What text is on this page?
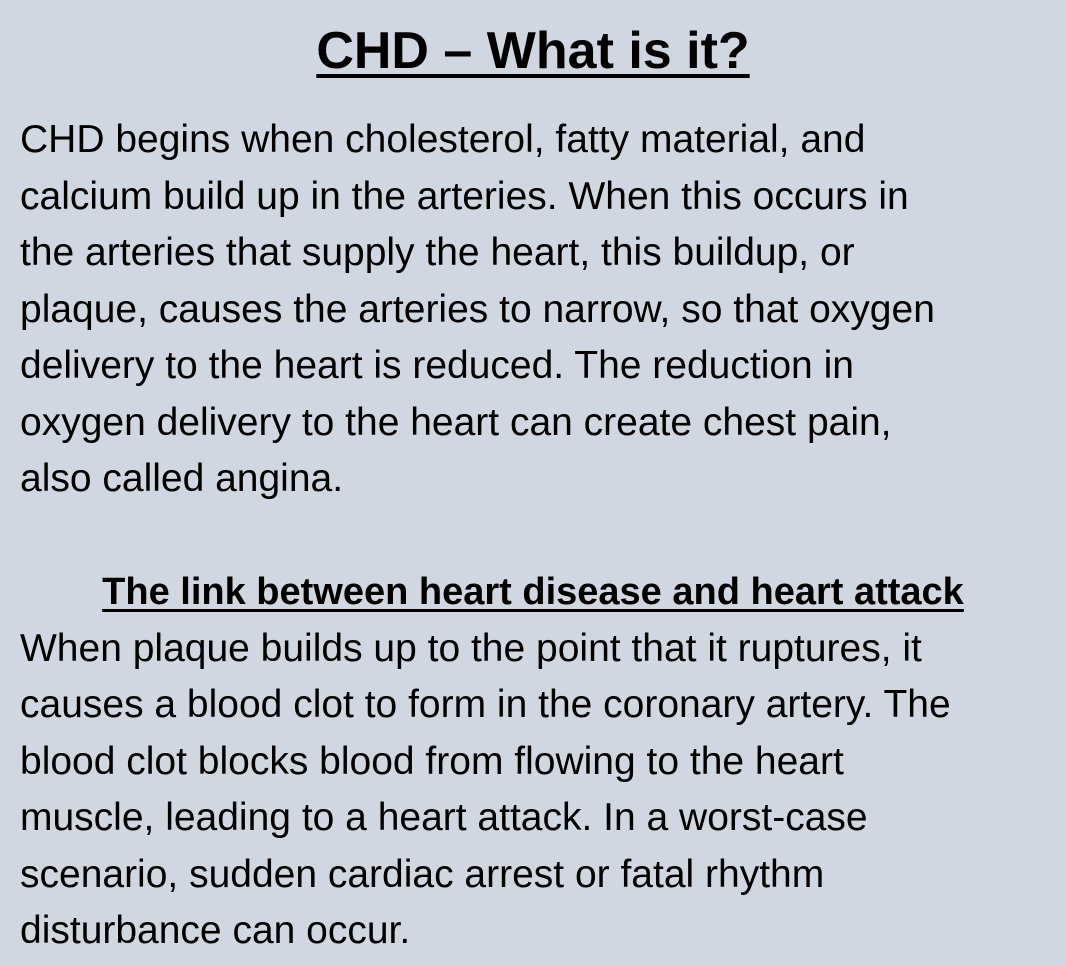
CHD – What is it?

CHD begins when cholesterol, fatty material, and
calcium build up in the arteries. When this occurs in
the arteries that supply the heart, this buildup, or
plaque, causes the arteries to narrow, so that oxygen
delivery to the heart is reduced. The reduction in
oxygen delivery to the heart can create chest pain,
also called angina.

The link between heart disease and heart attack

When plaque builds up to the point that it ruptures, it
causes a blood clot to form in the coronary artery. The
blood clot blocks blood from flowing to the heart
muscle, leading to a heart attack. In a worst-case
scenario, sudden cardiac arrest or fatal rhythm
disturbance can occur.
